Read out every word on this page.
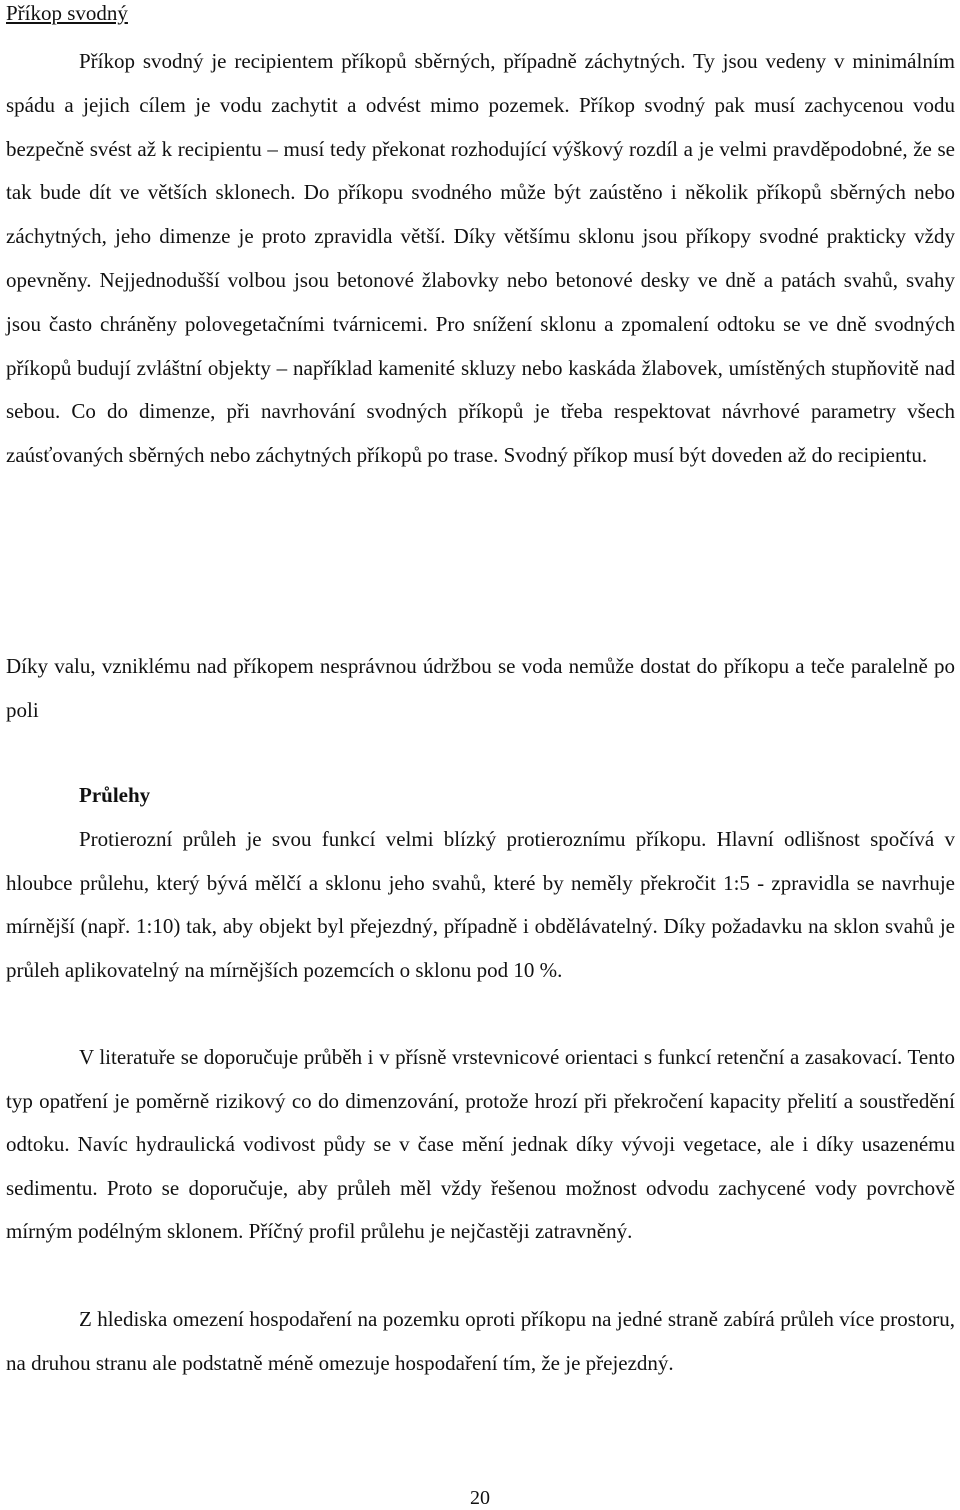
Příkop svodný

Příkop svodný je recipientem příkopů sběrných, případně záchytných. Ty jsou vedeny v minimálním spádu a jejich cílem je vodu zachytit a odvést mimo pozemek. Příkop svodný pak musí zachycenou vodu bezpečně svést až k recipientu – musí tedy překonat rozhodující výškový rozdíl a je velmi pravděpodobné, že se tak bude dít ve větších sklonech. Do příkopu svodného může být zaústěno i několik příkopů sběrných nebo záchytných, jeho dimenze je proto zpravidla větší. Díky většímu sklonu jsou příkopy svodné prakticky vždy opevněny. Nejjednodušší volbou jsou betonové žlabovky nebo betonové desky ve dně a patách svahů, svahy jsou často chráněny polovegetačními tvárnicemi. Pro snížení sklonu a zpomalení odtoku se ve dně svodných příkopů budují zvláštní objekty – například kamenité skluzy nebo kaskáda žlabovek, umístěných stupňovitě nad sebou. Co do dimenze, při navrhování svodných příkopů je třeba respektovat návrhové parametry všech zaúsťovaných sběrných nebo záchytných příkopů po trase. Svodný příkop musí být doveden až do recipientu.

Díky valu, vzniklému nad příkopem nesprávnou údržbou se voda nemůže dostat do příkopu a teče paralelně po poli

Průlehy

Protierozní průleh je svou funkcí velmi blízký protieroznímu příkopu. Hlavní odlišnost spočívá v hloubce průlehu, který bývá mělčí a sklonu jeho svahů, které by neměly překročit 1:5 - zpravidla se navrhuje mírnější (např. 1:10) tak, aby objekt byl přejezdný, případně i obdělávatelný. Díky požadavku na sklon svahů je průleh aplikovatelný na mírnějších pozemcích o sklonu pod 10 %.

V literatuře se doporučuje průběh i v přísně vrstevnicové orientaci s funkcí retenční a zasakovací. Tento typ opatření je poměrně rizikový co do dimenzování, protože hrozí při překročení kapacity přelití a soustředění odtoku. Navíc hydraulická vodivost půdy se v čase mění jednak díky vývoji vegetace, ale i díky usazenému sedimentu. Proto se doporučuje, aby průleh měl vždy řešenou možnost odvodu zachycené vody povrchově mírným podélným sklonem. Příčný profil průlehu je nejčastěji zatravněný.

Z hlediska omezení hospodaření na pozemku oproti příkopu na jedné straně zabírá průleh více prostoru, na druhou stranu ale podstatně méně omezuje hospodaření tím, že je přejezdný.

20
